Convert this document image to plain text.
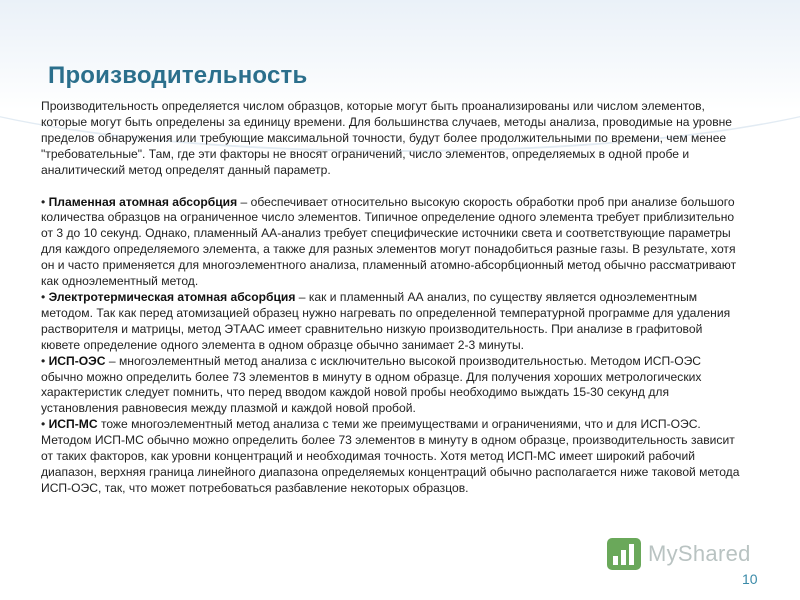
Производительность

Производительность определяется числом образцов, которые могут быть проанализированы или числом элементов, которые могут быть определены за единицу времени. Для большинства случаев, методы анализа, проводимые на уровне пределов обнаружения или требующие максимальной точности, будут более продолжительными по времени, чем менее "требовательные". Там, где эти факторы не вносят ограничений, число элементов, определяемых в одной пробе и аналитический метод определят данный параметр.

• Пламенная атомная абсорбция – обеспечивает относительно высокую скорость обработки проб при анализе большого количества образцов на ограниченное число элементов. Типичное определение одного элемента требует приблизительно от 3 до 10 секунд. Однако, пламенный АА-анализ требует специфические источники света и соответствующие параметры для каждого определяемого элемента, а также для разных элементов могут понадобиться разные газы. В результате, хотя он и часто применяется для многоэлементного анализа, пламенный атомно-абсорбционный метод обычно рассматривают как одноэлементный метод.

• Электротермическая атомная абсорбция – как и пламенный АА анализ, по существу является одноэлементным методом. Так как перед атомизацией образец нужно нагревать по определенной температурной программе для удаления растворителя и матрицы, метод ЭТААС имеет сравнительно низкую производительность. При анализе в графитовой кювете определение одного элемента в одном образце обычно занимает 2-3 минуты.

• ИСП-ОЭС – многоэлементный метод анализа с исключительно высокой производительностью. Методом ИСП-ОЭС обычно можно определить более 73 элементов в минуту в одном образце. Для получения хороших метрологических характеристик следует помнить, что перед вводом каждой новой пробы необходимо выждать 15-30 секунд для установления равновесия между плазмой и каждой новой пробой.

• ИСП-МС тоже многоэлементный метод анализа с теми же преимуществами и ограничениями, что и для ИСП-ОЭС. Методом ИСП-МС обычно можно определить более 73 элементов в минуту в одном образце, производительность зависит от таких факторов, как уровни концентраций и необходимая точность. Хотя метод ИСП-МС имеет широкий рабочий диапазон, верхняя граница линейного диапазона определяемых концентраций обычно располагается ниже таковой метода ИСП-ОЭС, так, что может потребоваться разбавление некоторых образцов.

MyShared
10
